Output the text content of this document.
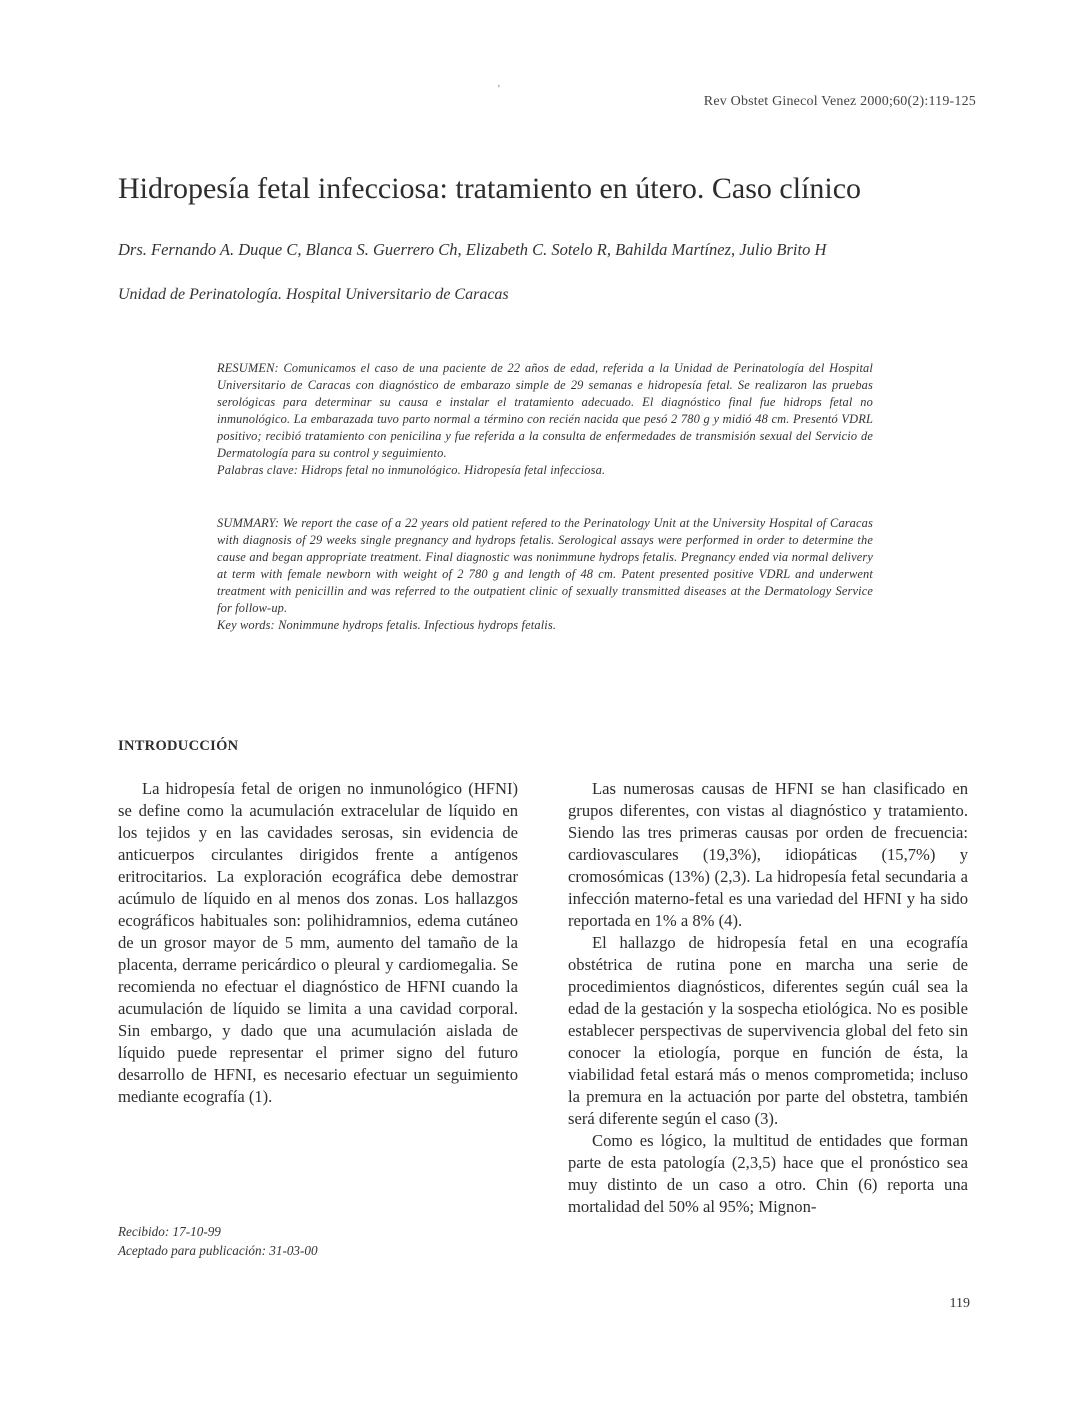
'
Rev Obstet Ginecol Venez 2000;60(2):119-125
Hidropesía fetal infecciosa: tratamiento en útero. Caso clínico

Drs. Fernando A. Duque C, Blanca S. Guerrero Ch, Elizabeth C. Sotelo R, Bahilda Martínez, Julio Brito H

Unidad de Perinatología. Hospital Universitario de Caracas

RESUMEN: Comunicamos el caso de una paciente de 22 años de edad, referida a la Unidad de Perinatología del Hospital Universitario de Caracas con diagnóstico de embarazo simple de 29 semanas e hidropesía fetal. Se realizaron las pruebas serológicas para determinar su causa e instalar el tratamiento adecuado. El diagnóstico final fue hidrops fetal no inmunológico. La embarazada tuvo parto normal a término con recién nacida que pesó 2 780 g y midió 48 cm. Presentó VDRL positivo; recibió tratamiento con penicilina y fue referida a la consulta de enfermedades de transmisión sexual del Servicio de Dermatología para su control y seguimiento.

Palabras clave: Hidrops fetal no inmunológico. Hidropesía fetal infecciosa.

SUMMARY: We report the case of a 22 years old patient refered to the Perinatology Unit at the University Hospital of Caracas with diagnosis of 29 weeks single pregnancy and hydrops fetalis. Serological assays were performed in order to determine the cause and began appropriate treatment. Final diagnostic was nonimmune hydrops fetalis. Pregnancy ended via normal delivery at term with female newborn with weight of 2 780 g and length of 48 cm. Patent presented positive VDRL and underwent treatment with penicillin and was referred to the outpatient clinic of sexually transmitted diseases at the Dermatology Service for follow-up.

Key words: Nonimmune hydrops fetalis. Infectious hydrops fetalis.

INTRODUCCIÓN

La hidropesía fetal de origen no inmunológico (HFNI) se define como la acumulación extracelular de líquido en los tejidos y en las cavidades serosas, sin evidencia de anticuerpos circulantes dirigidos frente a antígenos eritrocitarios. La exploración ecográfica debe demostrar acúmulo de líquido en al menos dos zonas. Los hallazgos ecográficos habituales son: polihidramnios, edema cutáneo de un grosor mayor de 5 mm, aumento del tamaño de la placenta, derrame pericárdico o pleural y cardiomegalia. Se recomienda no efectuar el diagnóstico de HFNI cuando la acumulación de líquido se limita a una cavidad corporal. Sin embargo, y dado que una acumulación aislada de líquido puede representar el primer signo del futuro desarrollo de HFNI, es necesario efectuar un seguimiento mediante ecografía (1).

Las numerosas causas de HFNI se han clasificado en grupos diferentes, con vistas al diagnóstico y tratamiento. Siendo las tres primeras causas por orden de frecuencia: cardiovasculares (19,3%), idiopáticas (15,7%) y cromosómicas (13%) (2,3). La hidropesía fetal secundaria a infección materno-fetal es una variedad del HFNI y ha sido reportada en 1% a 8% (4).

El hallazgo de hidropesía fetal en una ecografía obstétrica de rutina pone en marcha una serie de procedimientos diagnósticos, diferentes según cuál sea la edad de la gestación y la sospecha etiológica. No es posible establecer perspectivas de supervivencia global del feto sin conocer la etiología, porque en función de ésta, la viabilidad fetal estará más o menos comprometida; incluso la premura en la actuación por parte del obstetra, también será diferente según el caso (3).

Como es lógico, la multitud de entidades que forman parte de esta patología (2,3,5) hace que el pronóstico sea muy distinto de un caso a otro. Chin (6) reporta una mortalidad del 50% al 95%; Mignon-

Recibido: 17-10-99
Aceptado para publicación: 31-03-00
119
